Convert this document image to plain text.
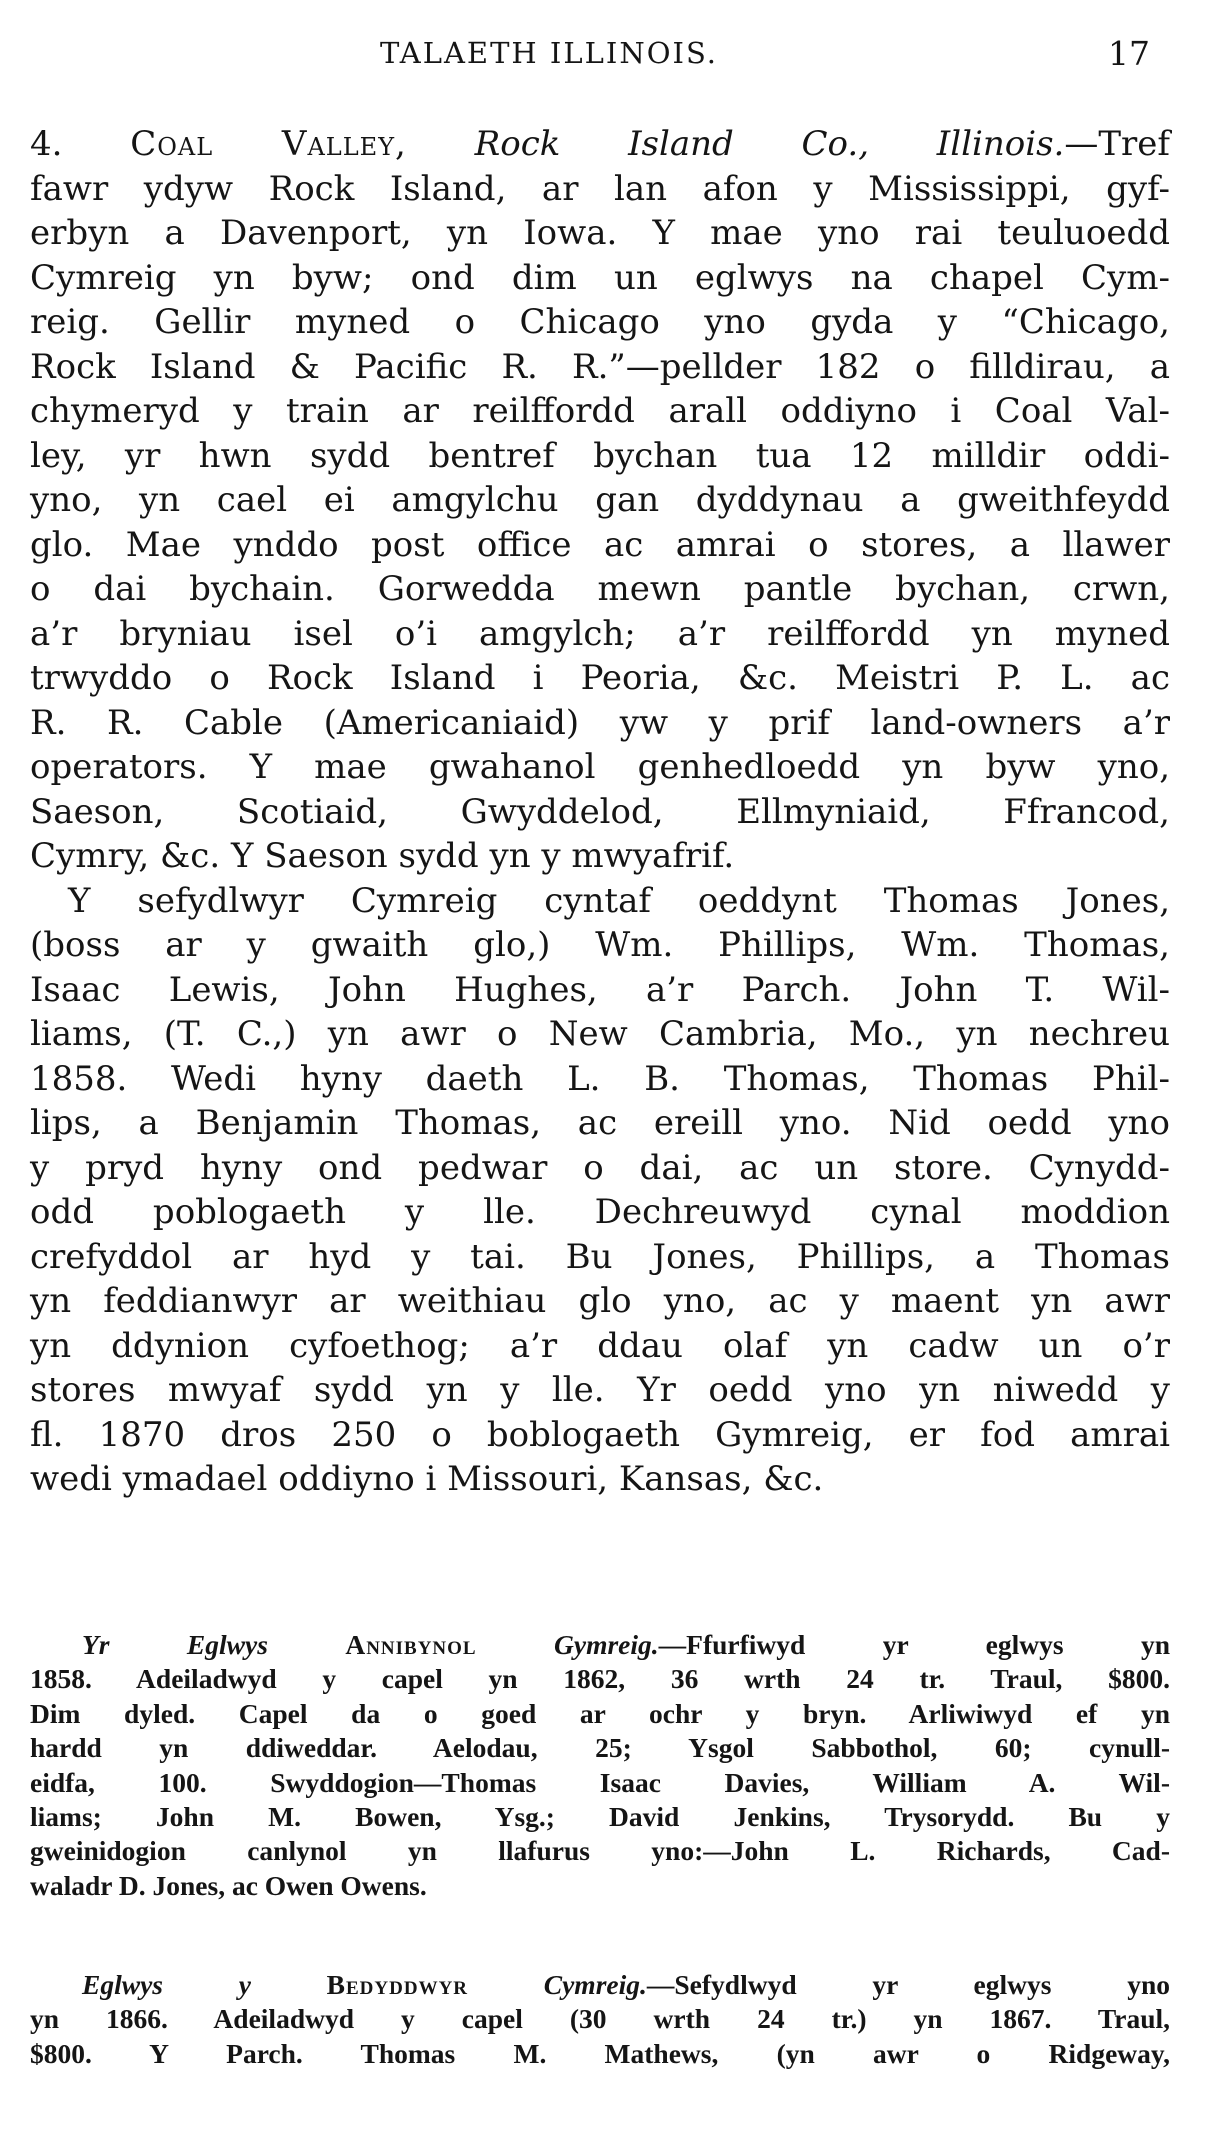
TALAETH ILLINOIS.	17
4. Coal Valley, Rock Island Co., Illinois.—Tref
fawr ydyw Rock Island, ar lan afon y Mississippi, gyf-
erbyn a Davenport, yn Iowa. Y mae yno rai teuluoedd
Cymreig yn byw; ond dim un eglwys na chapel Cym-
reig. Gellir myned o Chicago yno gyda y “Chicago,
Rock Island & Pacific R. R.”—pellder 182 o filldirau, a
chymeryd y train ar reilffordd arall oddiyno i Coal Val-
ley, yr hwn sydd bentref bychan tua 12 milldir oddi-
yno, yn cael ei amgylchu gan dyddynau a gweithfeydd
glo. Mae ynddo post office ac amrai o stores, a llawer
o dai bychain. Gorwedda mewn pantle bychan, crwn,
a’r bryniau isel o’i amgylch; a’r reilffordd yn myned
trwyddo o Rock Island i Peoria, &c. Meistri P. L. ac
R. R. Cable (Americaniaid) yw y prif land-owners a’r
operators. Y mae gwahanol genhedloedd yn byw yno,
Saeson, Scotiaid, Gwyddelod, Ellmyniaid, Ffrancod,
Cymry, &c. Y Saeson sydd yn y mwyafrif.
Y sefydlwyr Cymreig cyntaf oeddynt Thomas Jones,
(boss ar y gwaith glo,) Wm. Phillips, Wm. Thomas,
Isaac Lewis, John Hughes, a’r Parch. John T. Wil-
liams, (T. C.,) yn awr o New Cambria, Mo., yn nechreu
1858. Wedi hyny daeth L. B. Thomas, Thomas Phil-
lips, a Benjamin Thomas, ac ereill yno. Nid oedd yno
y pryd hyny ond pedwar o dai, ac un store. Cynydd-
odd poblogaeth y lle. Dechreuwyd cynal moddion
crefyddol ar hyd y tai. Bu Jones, Phillips, a Thomas
yn feddianwyr ar weithiau glo yno, ac y maent yn awr
yn ddynion cyfoethog; a’r ddau olaf yn cadw un o’r
stores mwyaf sydd yn y lle. Yr oedd yno yn niwedd y
fl. 1870 dros 250 o boblogaeth Gymreig, er fod amrai
wedi ymadael oddiyno i Missouri, Kansas, &c.
Yr Eglwys	Annibynol	Gymreig.—Ffurfiwyd yr eglwys yn
1858. Adeiladwyd y capel yn 1862, 36 wrth 24 tr. Traul, $800.
Dim dyled. Capel da o goed ar ochr y bryn. Arliwiwyd ef yn
hardd yn ddiweddar. Aelodau, 25; Ysgol Sabbothol, 60; cynull-
eidfa, 100. Swyddogion—Thomas Isaac Davies, William A. Wil-
liams; John M. Bowen, Ysg.; David Jenkins, Trysorydd. Bu y
gweinidogion canlynol yn llafurus yno:—John L. Richards, Cad-
waladr D. Jones, ac Owen Owens.
Eglwys y	Bedyddwyr	Cymreig.—Sefydlwyd yr eglwys yno
yn 1866. Adeiladwyd y capel (30 wrth 24 tr.) yn 1867. Traul,
$800. Y Parch. Thomas M. Mathews, (yn awr o Ridgeway,
